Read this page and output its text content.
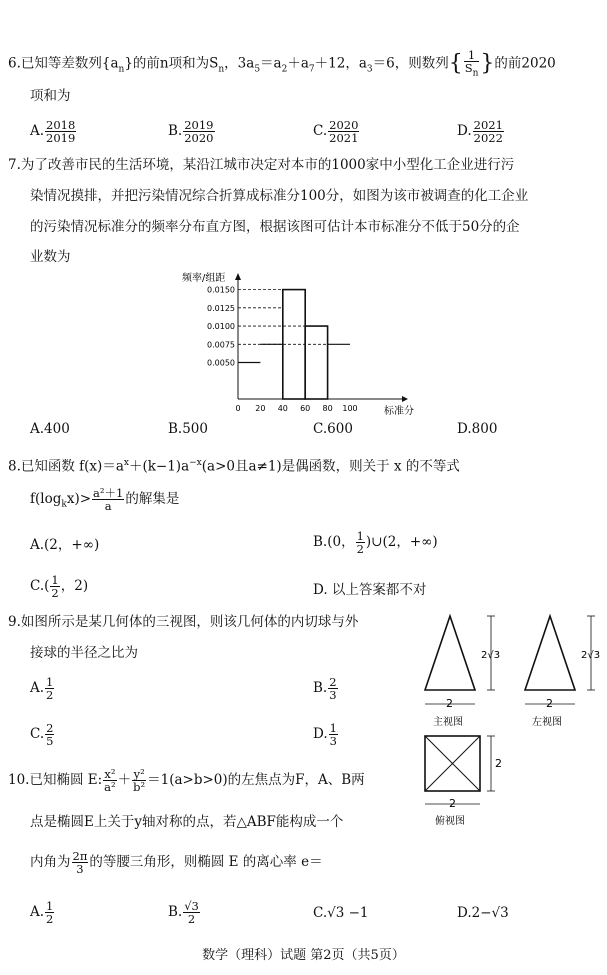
6.已知等差数列$\{a_n\}$的前n项和为$S_n$，$3a_5=a_2+a_7+12$，$a_3=6$，则数列{ $\frac{1}{S_n}$ }的前2020
项和为
A. $\frac{2018}{2019}$	B. $\frac{2019}{2020}$	C. $\frac{2020}{2021}$	D. $\frac{2021}{2022}$
7.为了改善市民的生活环境，某沿江城市决定对本市的1000家中小型化工企业进行污
染情况摸排，并把污染情况综合折算成标准分100分，如图为该市被调查的化工企业
的污染情况标准分的频率分布直方图，根据该图可估计本市标准分不低于50分的企
业数为
0.0050
0.0075
0.0100
0.0125
0.0150
0 20 40 60 80 100
频率/组距
标准分
A.400	B.500	C.600	D.800
8.已知函数 $f(x)=a^x+(k-1)a^{-x}(a>0$且a≠1)是偶函数，则关于 x 的不等式
$f(\log_kx)> \frac{\text{a²＋1}}{a}$ 的解集是
A.(2，+∞)	B.(0， $\frac{1}{2}$ )∪(2，+∞)
$C.( \frac{1}{2}$ ，2)	D. 以上答案都不对
9.如图所示是某几何体的三视图，则该几何体的内切球与外
接球的半径之比为
A. $\frac{1}{2}$	B. $\frac{2}{3}$
C. $\frac{2}{5}$	D. $\frac{1}{3}$
2√3
2
主视图
2√3
2
左视图
2
2
俯视图
10.已知椭圆 E: $\frac{\text{x²}}{\text{a²}} + \frac{\text{y²}}{\text{b²}} =1(a>b>0)$的左焦点为F，A、B两
点是椭圆E上关于y轴对称的点，若△ABF能构成一个
内角为 $\frac{2\pi}{3}$ 的等腰三角形，则椭圆 E 的离心率 e＝
A. $\frac{1}{2}$	B. $\frac{√3}{2}$	C.√3 −1	D.2−√3
数学（理科）试题 第2页（共5页）
